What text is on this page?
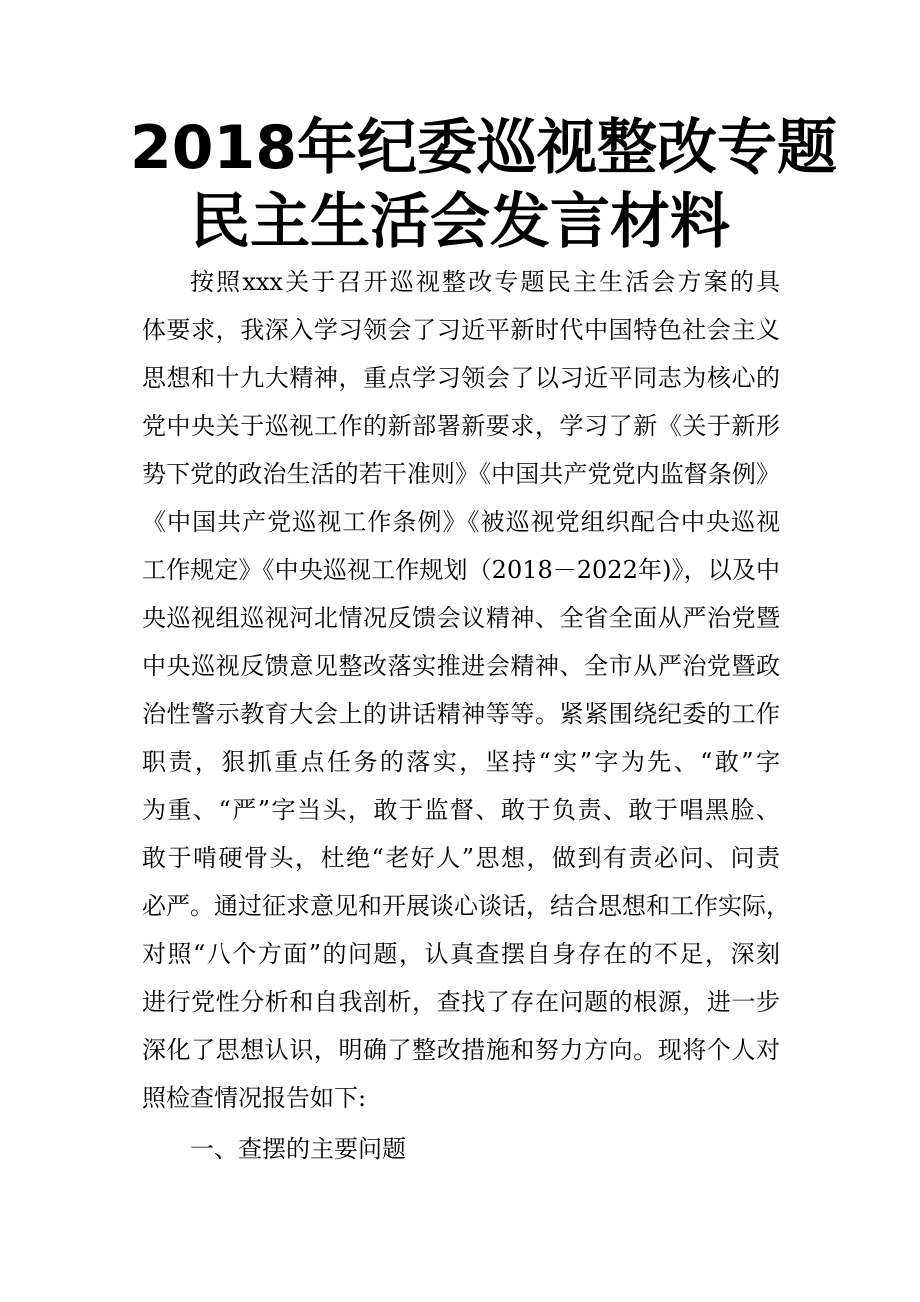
2018年纪委巡视整改专题
民主生活会发言材料
按照xxx关于召开巡视整改专题民主生活会方案的具
体要求，我深入学习领会了习近平新时代中国特色社会主义
思想和十九大精神，重点学习领会了以习近平同志为核心的
党中央关于巡视工作的新部署新要求，学习了新《关于新形
势下党的政治生活的若干准则》《中国共产党党内监督条例》
《中国共产党巡视工作条例》《被巡视党组织配合中央巡视
工作规定》《中央巡视工作规划（2018－2022年)》，以及中
央巡视组巡视河北情况反馈会议精神、全省全面从严治党暨
中央巡视反馈意见整改落实推进会精神、全市从严治党暨政
治性警示教育大会上的讲话精神等等。紧紧围绕纪委的工作
职责，狠抓重点任务的落实，坚持“实”字为先、“敢”字
为重、“严”字当头，敢于监督、敢于负责、敢于唱黑脸、
敢于啃硬骨头，杜绝“老好人”思想，做到有责必问、问责
必严。通过征求意见和开展谈心谈话，结合思想和工作实际，
对照“八个方面”的问题，认真查摆自身存在的不足，深刻
进行党性分析和自我剖析，查找了存在问题的根源，进一步
深化了思想认识，明确了整改措施和努力方向。现将个人对
照检查情况报告如下:

一、查摆的主要问题
